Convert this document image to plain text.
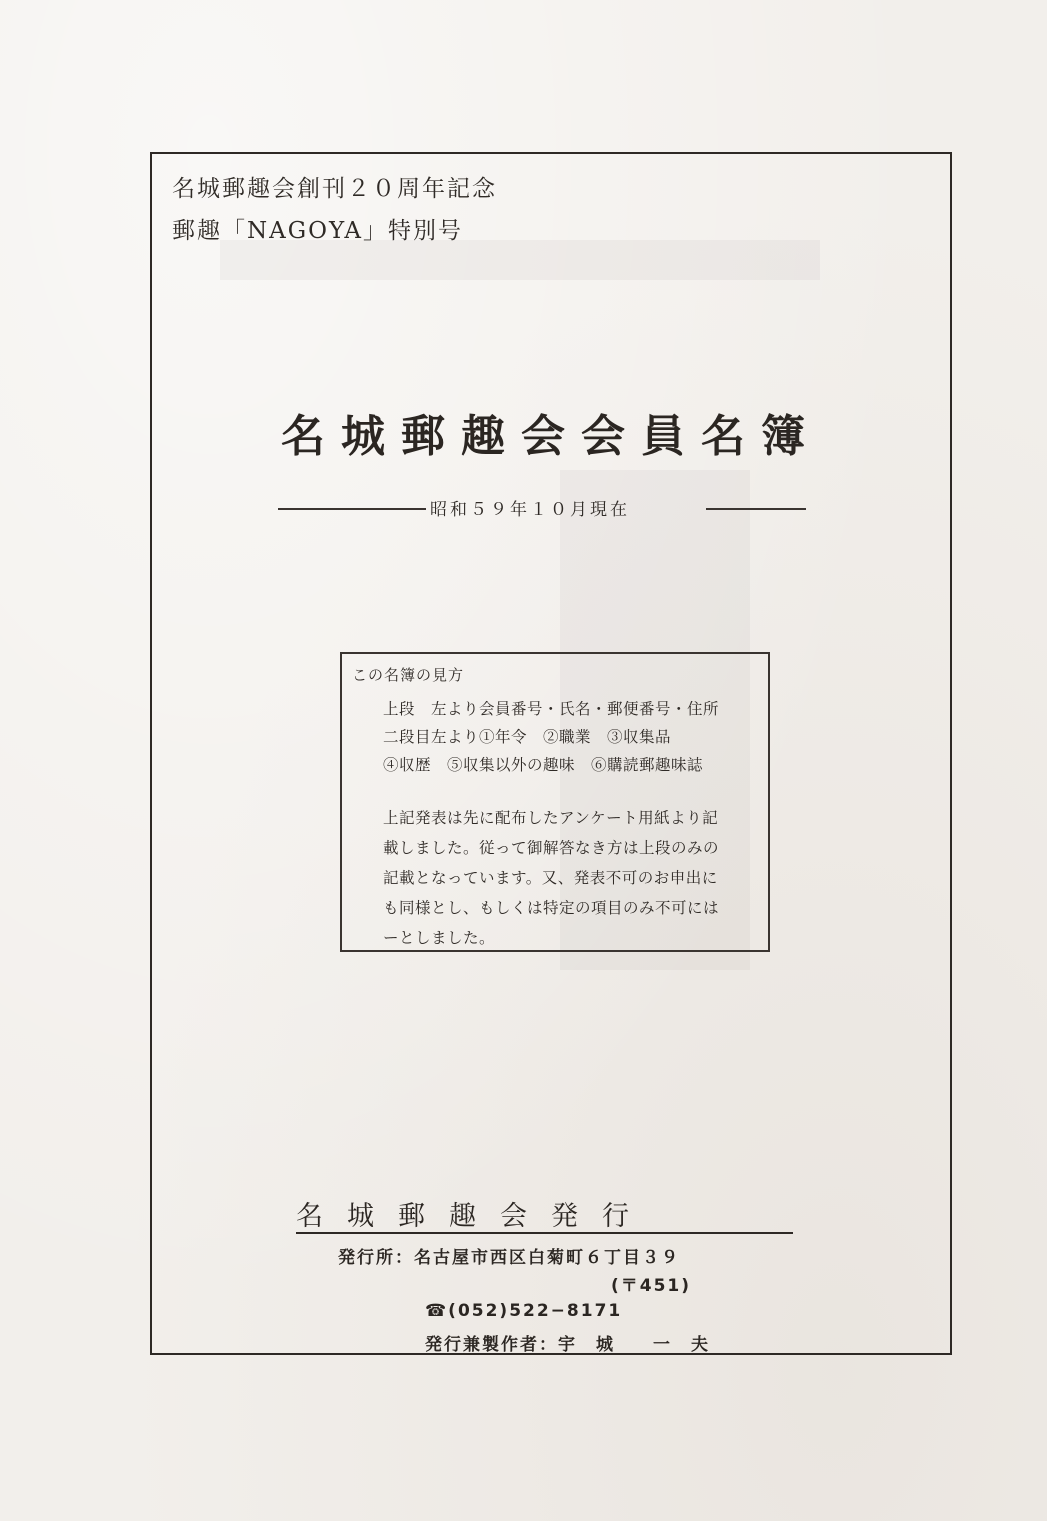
名城郵趣会創刊２０周年記念
郵趣「NAGOYA」特別号
名城郵趣会会員名簿
昭和５９年１０月現在
この名簿の見方
上段　左より会員番号・氏名・郵便番号・住所
二段目左より①年令　②職業　③収集品
④収歴　⑤収集以外の趣味　⑥購読郵趣味誌
上記発表は先に配布したアンケート用紙より記
載しました。従って御解答なき方は上段のみの
記載となっています。又、発表不可のお申出に
も同様とし、もしくは特定の項目のみ不可には
ーとしました。
名城郵趣会発行
発行所：名古屋市西区白菊町６丁目３９
(〒451)
☎(052)522−8171
発行兼製作者：宇　城　　一　夫
